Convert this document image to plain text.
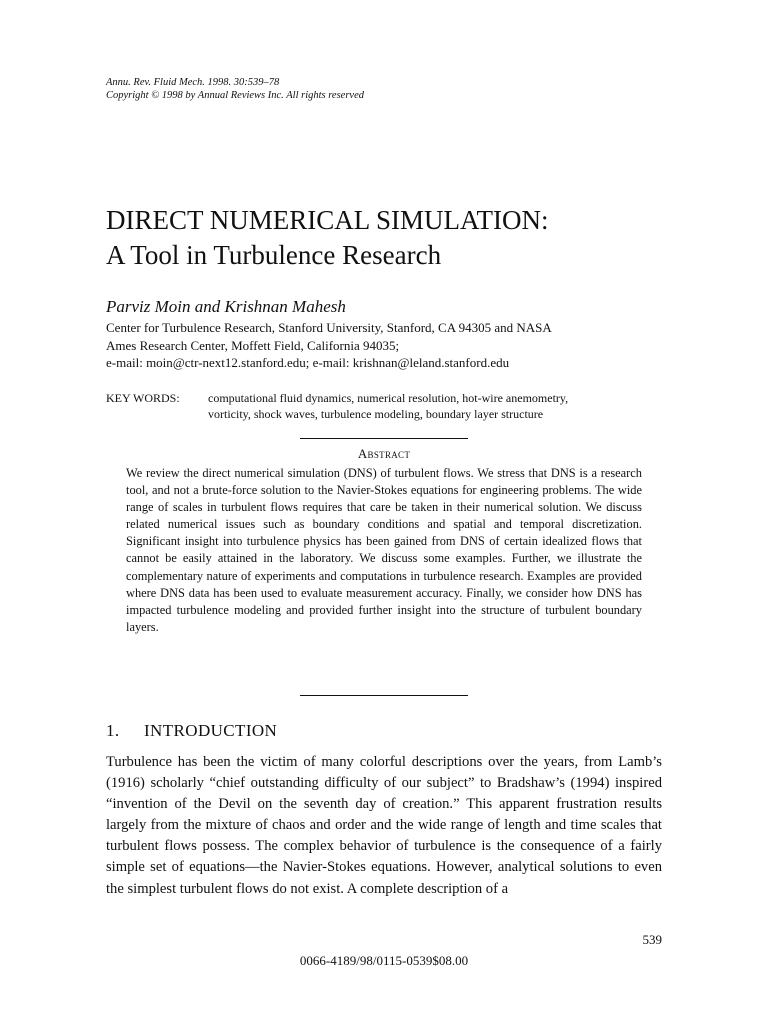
Annu. Rev. Fluid Mech. 1998. 30:539–78
Copyright © 1998 by Annual Reviews Inc. All rights reserved
DIRECT NUMERICAL SIMULATION:
A Tool in Turbulence Research
Parviz Moin and Krishnan Mahesh
Center for Turbulence Research, Stanford University, Stanford, CA 94305 and NASA
Ames Research Center, Moffett Field, California 94035;
e-mail: moin@ctr-next12.stanford.edu; e-mail: krishnan@leland.stanford.edu
KEY WORDS: computational fluid dynamics, numerical resolution, hot-wire anemometry,
vorticity, shock waves, turbulence modeling, boundary layer structure
Abstract

We review the direct numerical simulation (DNS) of turbulent flows. We stress that DNS is a research tool, and not a brute-force solution to the Navier-Stokes equations for engineering problems. The wide range of scales in turbulent flows requires that care be taken in their numerical solution. We discuss related numerical issues such as boundary conditions and spatial and temporal discretization. Significant insight into turbulence physics has been gained from DNS of certain idealized flows that cannot be easily attained in the laboratory. We discuss some examples. Further, we illustrate the complementary nature of experiments and computations in turbulence research. Examples are provided where DNS data has been used to evaluate measurement accuracy. Finally, we consider how DNS has impacted turbulence modeling and provided further insight into the structure of turbulent boundary layers.

1. INTRODUCTION

Turbulence has been the victim of many colorful descriptions over the years, from Lamb’s (1916) scholarly “chief outstanding difficulty of our subject” to Bradshaw’s (1994) inspired “invention of the Devil on the seventh day of creation.” This apparent frustration results largely from the mixture of chaos and order and the wide range of length and time scales that turbulent flows possess. The complex behavior of turbulence is the consequence of a fairly simple set of equations—the Navier-Stokes equations. However, analytical solutions to even the simplest turbulent flows do not exist. A complete description of a

539
0066-4189/98/0115-0539$08.00
